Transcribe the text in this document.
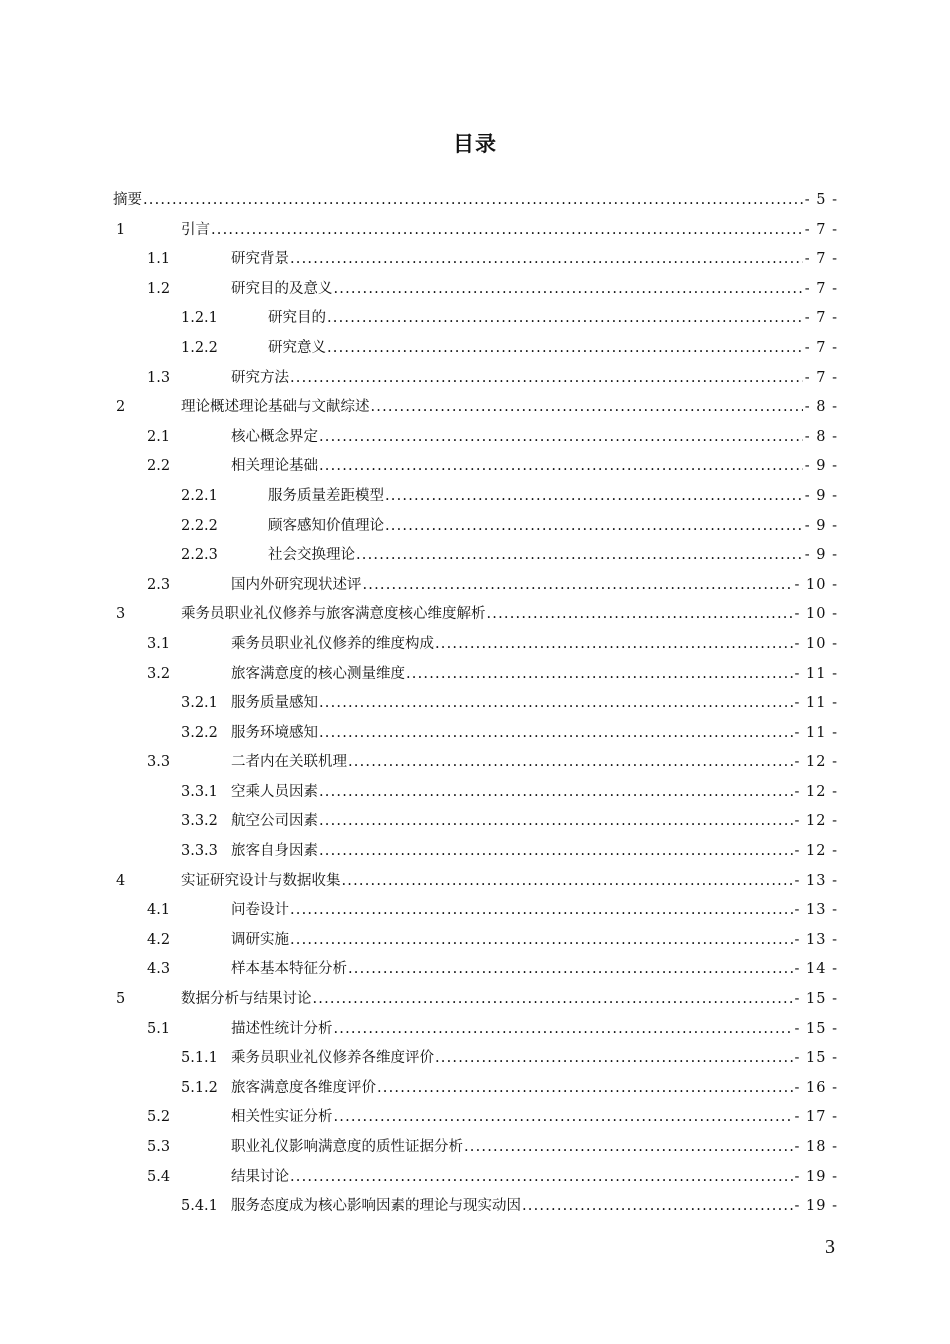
目录
摘要 .....	- 5 -
1	引言 .....	- 7 -
1.1	研究背景 .....	- 7 -
1.2	研究目的及意义 .....	- 7 -
1.2.1	研究目的 .....	- 7 -
1.2.2	研究意义 .....	- 7 -
1.3	研究方法 .....	- 7 -
2	理论概述理论基础与文献综述 .....	- 8 -
2.1	核心概念界定 .....	- 8 -
2.2	相关理论基础 .....	- 9 -
2.2.1	服务质量差距模型 .....	- 9 -
2.2.2	顾客感知价值理论 .....	- 9 -
2.2.3	社会交换理论 .....	- 9 -
2.3	国内外研究现状述评 .....	- 10 -
3	乘务员职业礼仪修养与旅客满意度核心维度解析 .....	- 10 -
3.1	乘务员职业礼仪修养的维度构成 .....	- 10 -
3.2	旅客满意度的核心测量维度 .....	- 11 -
3.2.1 服务质量感知 .....	- 11 -
3.2.2 服务环境感知 .....	- 11 -
3.3	二者内在关联机理 .....	- 12 -
3.3.1 空乘人员因素 .....	- 12 -
3.3.2 航空公司因素 .....	- 12 -
3.3.3 旅客自身因素 .....	- 12 -
4	实证研究设计与数据收集 .....	- 13 -
4.1	问卷设计 .....	- 13 -
4.2	调研实施 .....	- 13 -
4.3	样本基本特征分析 .....	- 14 -
5	数据分析与结果讨论 .....	- 15 -
5.1	描述性统计分析 .....	- 15 -
5.1.1 乘务员职业礼仪修养各维度评价 .....	- 15 -
5.1.2 旅客满意度各维度评价 .....	- 16 -
5.2	相关性实证分析 .....	- 17 -
5.3	职业礼仪影响满意度的质性证据分析 .....	- 18 -
5.4	结果讨论 .....	- 19 -
5.4.1 服务态度成为核心影响因素的理论与现实动因 .....	- 19 -
3
